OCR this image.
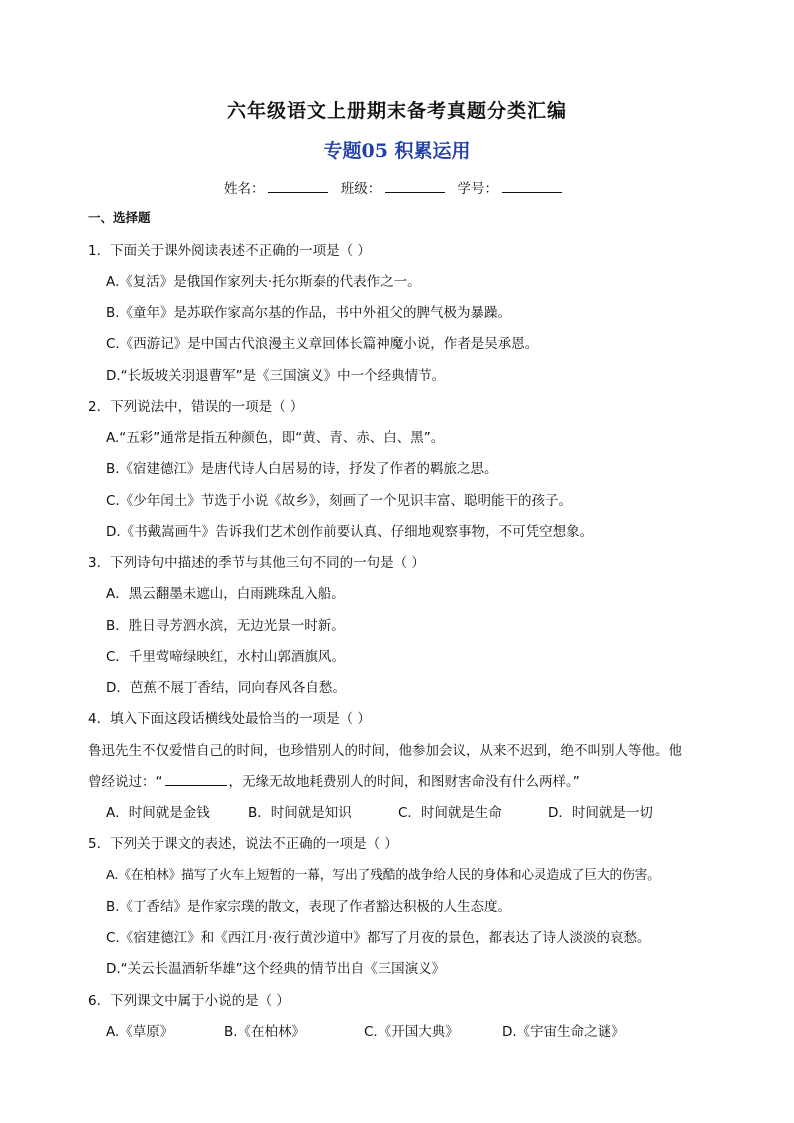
六年级语文上册期末备考真题分类汇编
专题05 积累运用
姓名：	班级：	学号：
一、选择题
1．下面关于课外阅读表述不正确的一项是（ ）
A.《复活》是俄国作家列夫·托尔斯泰的代表作之一。
B.《童年》是苏联作家高尔基的作品，书中外祖父的脾气极为暴躁。
C.《西游记》是中国古代浪漫主义章回体长篇神魔小说，作者是吴承恩。
D.“长坂坡关羽退曹军”是《三国演义》中一个经典情节。
2．下列说法中，错误的一项是（ ）
A.“五彩”通常是指五种颜色，即“黄、青、赤、白、黑”。
B.《宿建德江》是唐代诗人白居易的诗，抒发了作者的羁旅之思。
C.《少年闰土》节选于小说《故乡》，刻画了一个见识丰富、聪明能干的孩子。
D.《书戴嵩画牛》告诉我们艺术创作前要认真、仔细地观察事物，不可凭空想象。
3．下列诗句中描述的季节与其他三句不同的一句是（ ）
A．黑云翻墨未遮山，白雨跳珠乱入船。
B．胜日寻芳泗水滨，无边光景一时新。
C．千里莺啼绿映红，水村山郭酒旗风。
D．芭蕉不展丁香结，同向春风各自愁。
4．填入下面这段话横线处最恰当的一项是（ ）
鲁迅先生不仅爱惜自己的时间，也珍惜别人的时间，他参加会议，从来不迟到，绝不叫别人等他。他
曾经说过：“	，无缘无故地耗费别人的时间，和图财害命没有什么两样。”
A．时间就是金钱	B．时间就是知识	C．时间就是生命	D．时间就是一切
5．下列关于课文的表述，说法不正确的一项是（ ）
A.《在柏林》描写了火车上短暂的一幕，写出了残酷的战争给人民的身体和心灵造成了巨大的伤害。
B.《丁香结》是作家宗璞的散文，表现了作者豁达积极的人生态度。
C.《宿建德江》和《西江月·夜行黄沙道中》都写了月夜的景色，都表达了诗人淡淡的哀愁。
D.“关云长温酒斩华雄”这个经典的情节出自《三国演义》
6．下列课文中属于小说的是（ ）
A.《草原》	B.《在柏林》	C.《开国大典》	D.《宇宙生命之谜》
